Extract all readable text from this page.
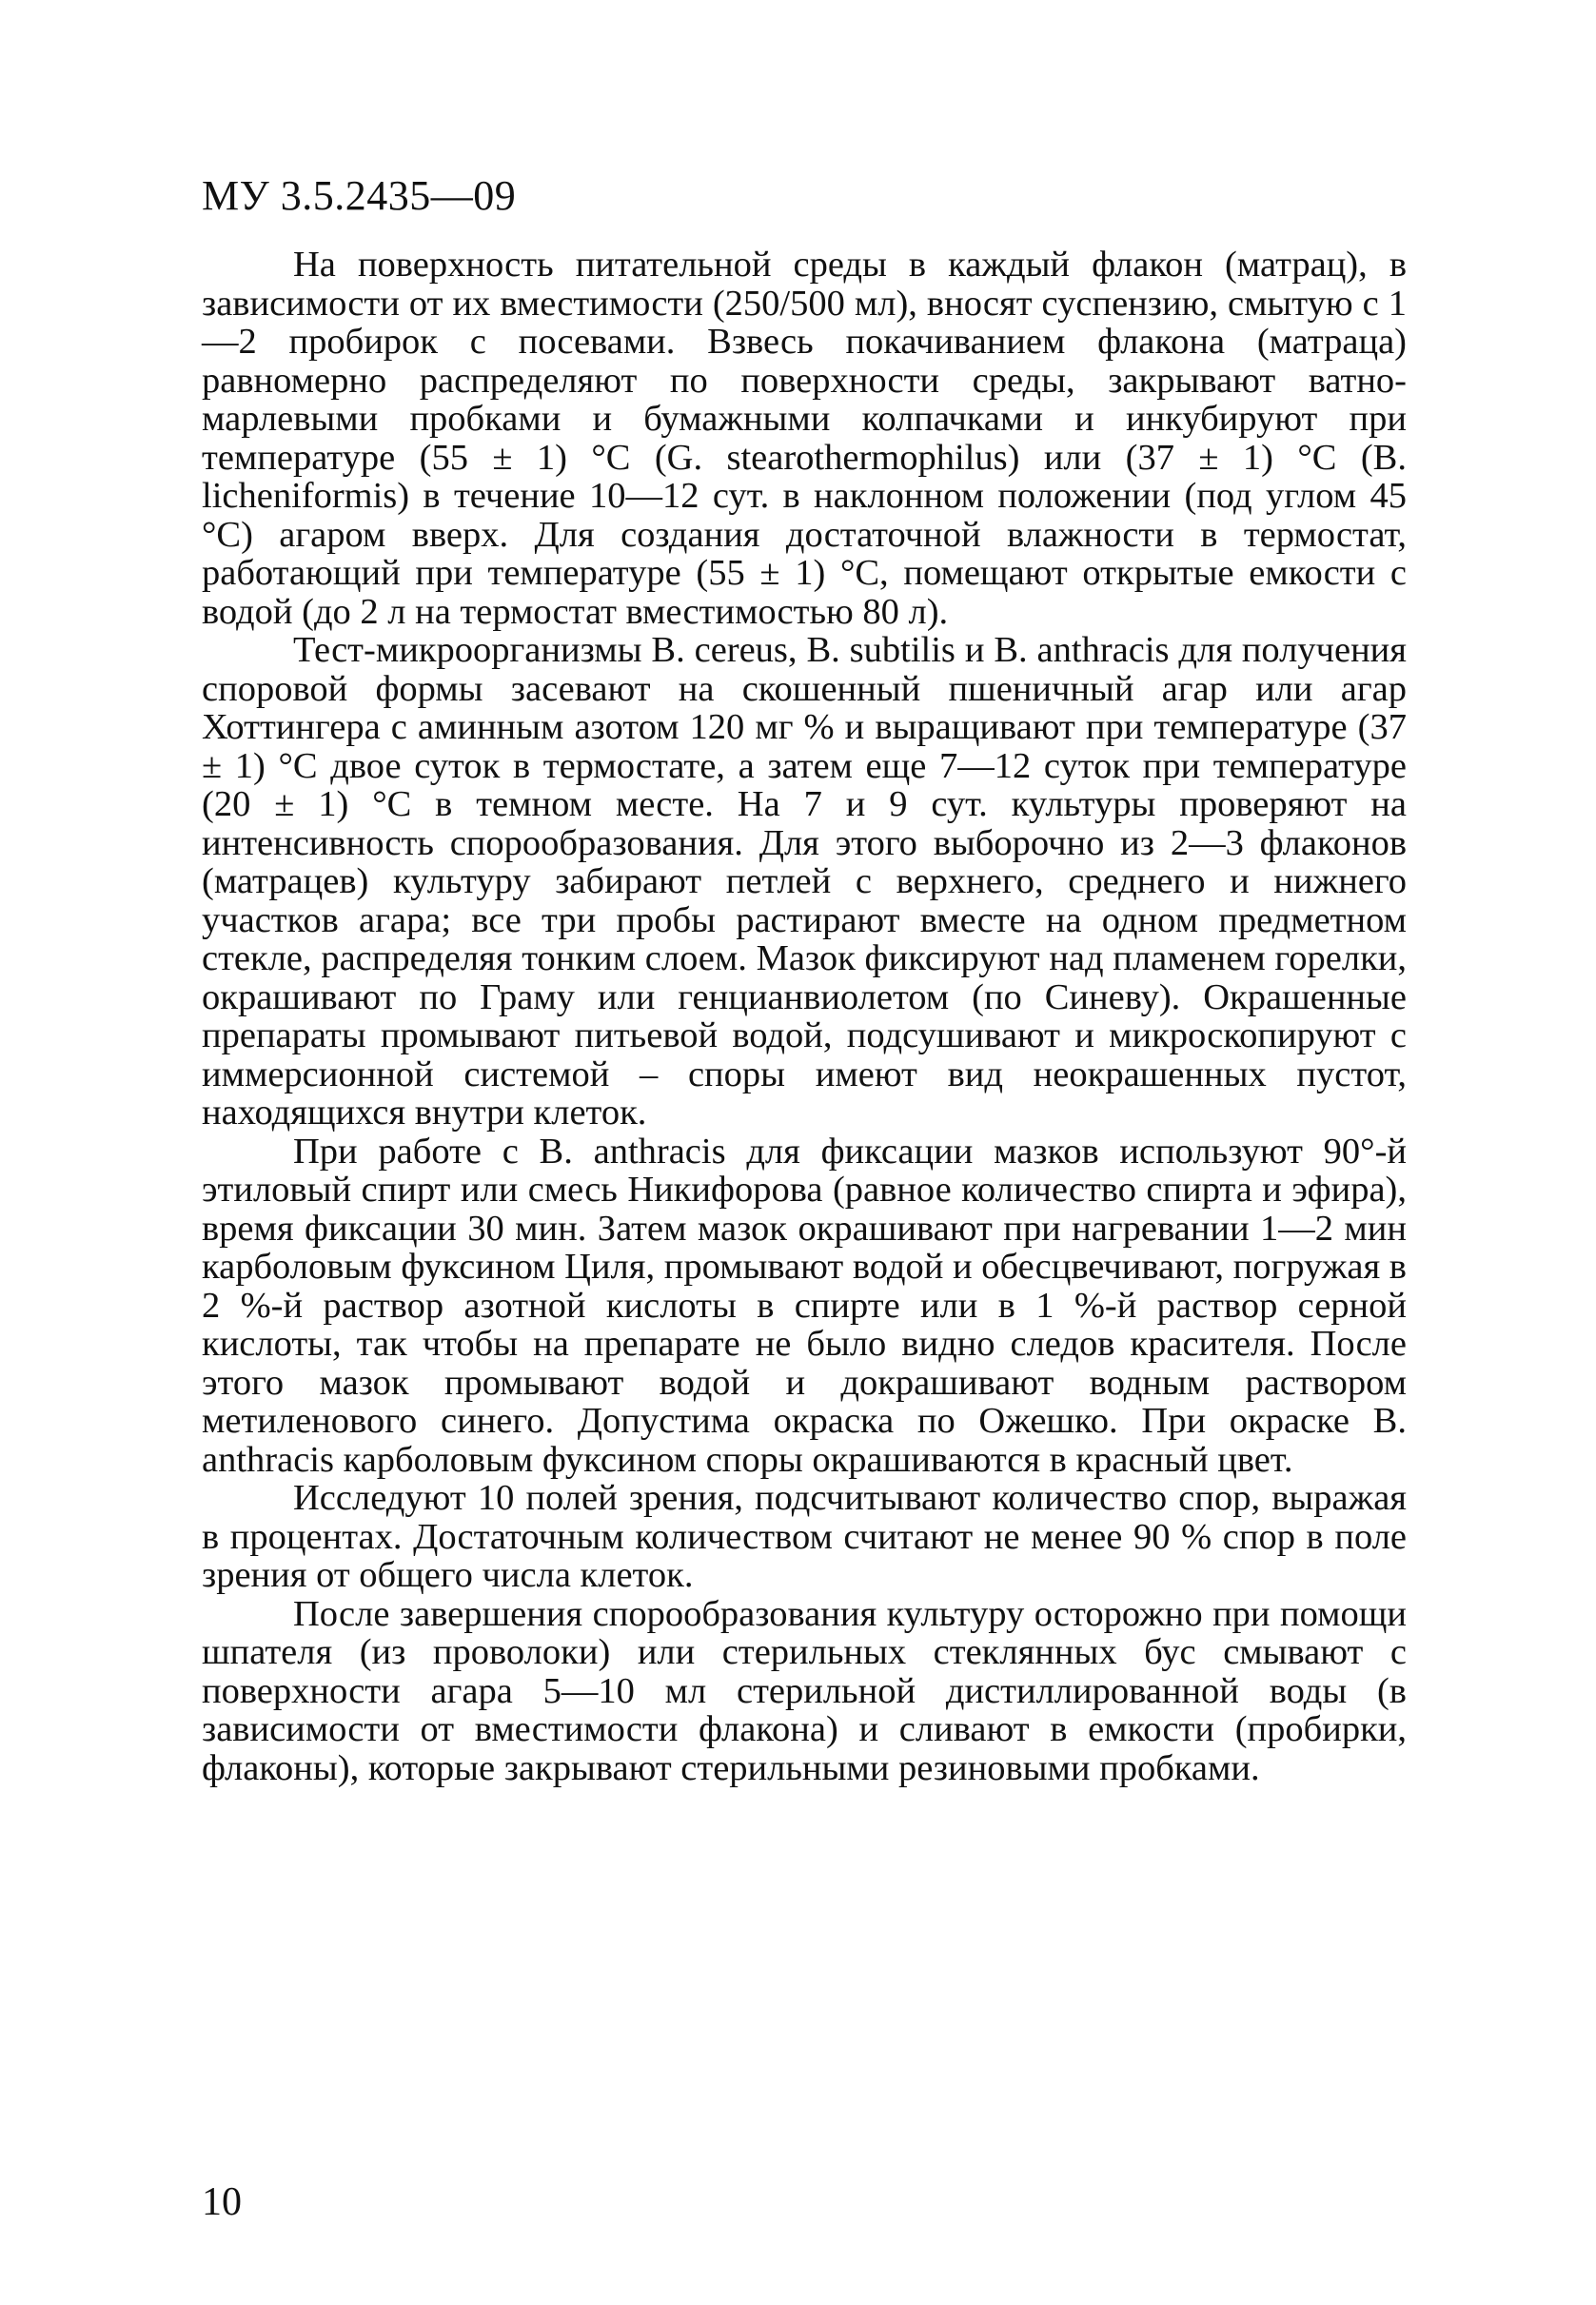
МУ 3.5.2435—09

На поверхность питательной среды в каждый флакон (матрац), в зависимости от их вместимости (250/500 мл), вносят суспензию, смытую с 1—2 пробирок с посевами. Взвесь покачиванием флакона (матраца) равномерно распределяют по поверхности среды, закрывают ватно-марлевыми пробками и бумажными колпачками и инкубируют при температуре (55 ± 1) °С (G. stearothermophilus) или (37 ± 1) °С (B. licheniformis) в течение 10—12 сут. в наклонном положении (под углом 45 °С) агаром вверх. Для создания достаточной влажности в термостат, работающий при температуре (55 ± 1) °С, помещают открытые емкости с водой (до 2 л на термостат вместимостью 80 л).

Тест-микроорганизмы B. cereus, B. subtilis и B. anthracis для получения споровой формы засевают на скошенный пшеничный агар или агар Хоттингера с аминным азотом 120 мг % и выращивают при температуре (37 ± 1) °С двое суток в термостате, а затем еще 7—12 суток при температуре (20 ± 1) °С в темном месте. На 7 и 9 сут. культуры проверяют на интенсивность спорообразования. Для этого выборочно из 2—3 флаконов (матрацев) культуру забирают петлей с верхнего, среднего и нижнего участков агара; все три пробы растирают вместе на одном предметном стекле, распределяя тонким слоем. Мазок фиксируют над пламенем горелки, окрашивают по Граму или генцианвиолетом (по Синеву). Окрашенные препараты промывают питьевой водой, подсушивают и микроскопируют с иммерсионной системой – споры имеют вид неокрашенных пустот, находящихся внутри клеток.

При работе с B. anthracis для фиксации мазков используют 90°-й этиловый спирт или смесь Никифорова (равное количество спирта и эфира), время фиксации 30 мин. Затем мазок окрашивают при нагревании 1—2 мин карболовым фуксином Циля, промывают водой и обесцвечивают, погружая в 2 %-й раствор азотной кислоты в спирте или в 1 %-й раствор серной кислоты, так чтобы на препарате не было видно следов красителя. После этого мазок промывают водой и докрашивают водным раствором метиленового синего. Допустима окраска по Ожешко. При окраске B. anthracis карболовым фуксином споры окрашиваются в красный цвет.

Исследуют 10 полей зрения, подсчитывают количество спор, выражая в процентах. Достаточным количеством считают не менее 90 % спор в поле зрения от общего числа клеток.

После завершения спорообразования культуру осторожно при помощи шпателя (из проволоки) или стерильных стеклянных бус смывают с поверхности агара 5—10 мл стерильной дистиллированной воды (в зависимости от вместимости флакона) и сливают в емкости (пробирки, флаконы), которые закрывают стерильными резиновыми пробками.

10
